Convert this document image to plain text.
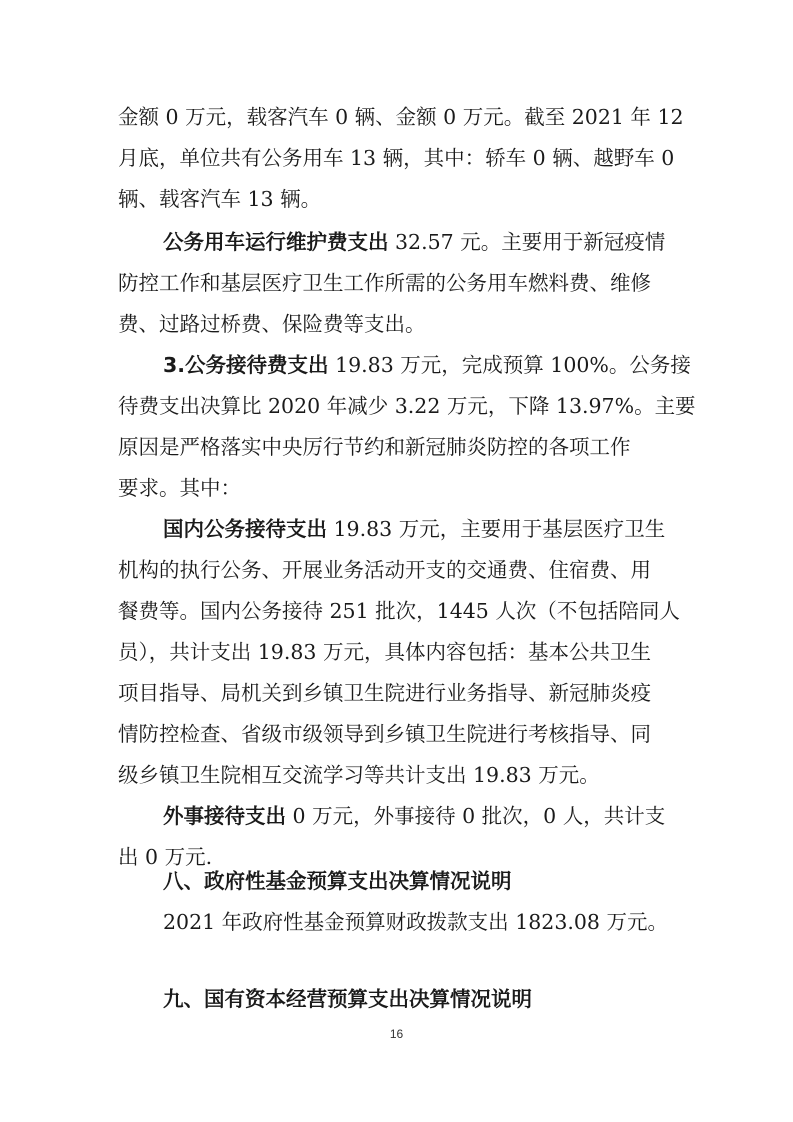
金额 0 万元，载客汽车 0 辆、金额 0 万元。截至 2021 年 12
月底，单位共有公务用车 13 辆，其中：轿车 0 辆、越野车 0
辆、载客汽车 13 辆。
公务用车运行维护费支出 32.57 元。主要用于新冠疫情
防控工作和基层医疗卫生工作所需的公务用车燃料费、维修
费、过路过桥费、保险费等支出。
3.公务接待费支出 19.83 万元，完成预算 100%。公务接
待费支出决算比 2020 年减少 3.22 万元，下降 13.97%。主要
原因是严格落实中央厉行节约和新冠肺炎防控的各项工作
要求。其中：
国内公务接待支出 19.83 万元，主要用于基层医疗卫生
机构的执行公务、开展业务活动开支的交通费、住宿费、用
餐费等。国内公务接待 251 批次，1445 人次（不包括陪同人
员），共计支出 19.83 万元，具体内容包括：基本公共卫生
项目指导、局机关到乡镇卫生院进行业务指导、新冠肺炎疫
情防控检查、省级市级领导到乡镇卫生院进行考核指导、同
级乡镇卫生院相互交流学习等共计支出 19.83 万元。
外事接待支出 0 万元，外事接待 0 批次，0 人，共计支
出 0 万元.
八、政府性基金预算支出决算情况说明
2021 年政府性基金预算财政拨款支出 1823.08 万元。
九、国有资本经营预算支出决算情况说明
16
